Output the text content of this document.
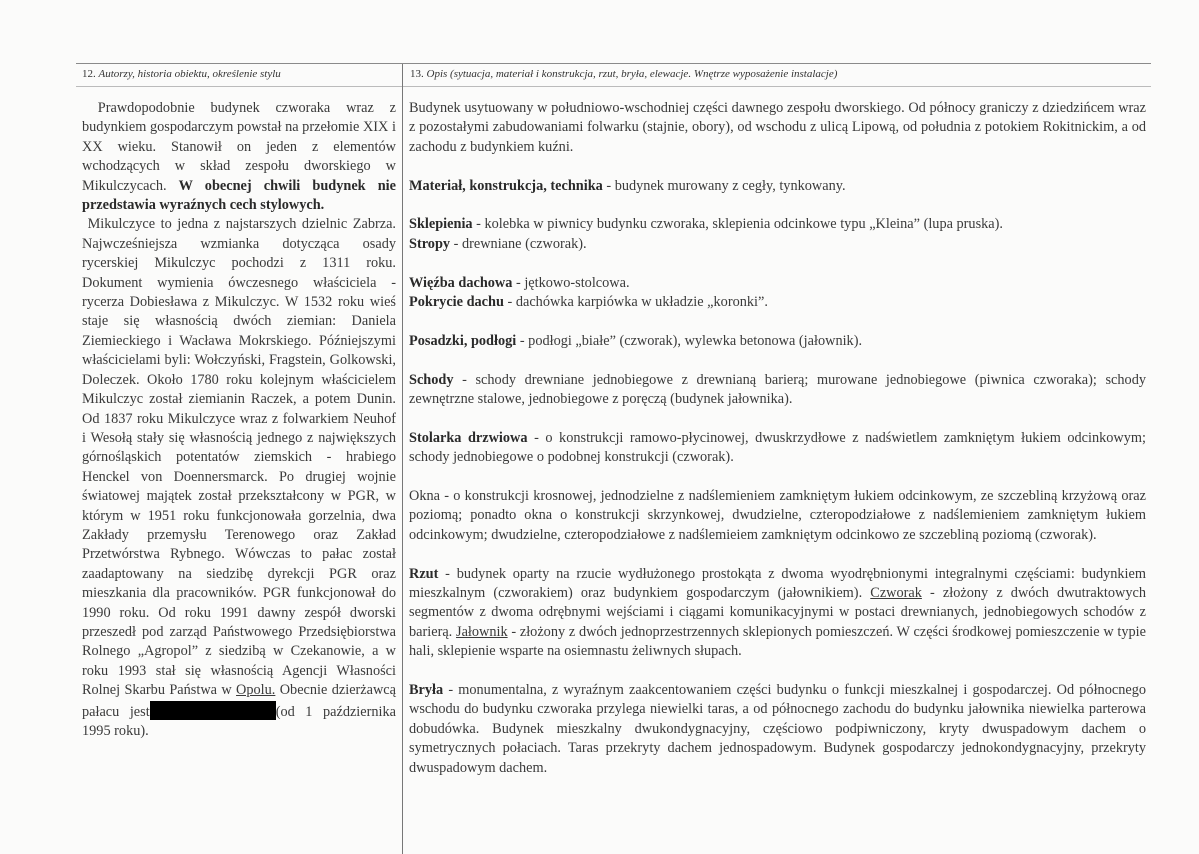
12. Autorzy, historia obiektu, określenie stylu

Prawdopodobnie budynek czworaka wraz z budynkiem gospodarczym powstał na przełomie XIX i XX wieku. Stanowił on jeden z elementów wchodzących w skład zespołu dworskiego w Mikulczycach. W obecnej chwili budynek nie przedstawia wyraźnych cech stylowych.

Mikulczyce to jedna z najstarszych dzielnic Zabrza. Najwcześniejsza wzmianka dotycząca osady rycerskiej Mikulczyc pochodzi z 1311 roku. Dokument wymienia ówczesnego właściciela - rycerza Dobiesława z Mikulczyc. W 1532 roku wieś staje się własnością dwóch ziemian: Daniela Ziemieckiego i Wacława Mokrskiego. Późniejszymi właścicielami byli: Wołczyński, Fragstein, Golkowski, Doleczek. Około 1780 roku kolejnym właścicielem Mikulczyc został ziemianin Raczek, a potem Dunin. Od 1837 roku Mikulczyce wraz z folwarkiem Neuhof i Wesołą stały się własnością jednego z największych górnośląskich potentatów ziemskich - hrabiego Henckel von Doennersmarck. Po drugiej wojnie światowej majątek został przekształcony w PGR, w którym w 1951 roku funkcjonowała gorzelnia, dwa Zakłady przemysłu Terenowego oraz Zakład Przetwórstwa Rybnego. Wówczas to pałac został zaadaptowany na siedzibę dyrekcji PGR oraz mieszkania dla pracowników. PGR funkcjonował do 1990 roku. Od roku 1991 dawny zespół dworski przeszedł pod zarząd Państwowego Przedsiębiorstwa Rolnego „Agropol” z siedzibą w Czekanowie, a w roku 1993 stał się własnością Agencji Własności Rolnej Skarbu Państwa w Opolu. Obecnie dzierżawcą pałacu jest	(od 1 października 1995 roku).

13. Opis (sytuacja, materiał i konstrukcja, rzut, bryła, elewacje. Wnętrze wyposażenie instalacje)

Budynek usytuowany w południowo-wschodniej części dawnego zespołu dworskiego. Od północy graniczy z dziedzińcem wraz z pozostałymi zabudowaniami folwarku (stajnie, obory), od wschodu z ulicą Lipową, od południa z potokiem Rokitnickim, a od zachodu z budynkiem kuźni.

Materiał, konstrukcja, technika - budynek murowany z cegły, tynkowany.

Sklepienia - kolebka w piwnicy budynku czworaka, sklepienia odcinkowe typu „Kleina” (lupa pruska).

Stropy - drewniane (czworak).

Więźba dachowa - jętkowo-stolcowa.

Pokrycie dachu - dachówka karpiówka w układzie „koronki”.

Posadzki, podłogi - podłogi „białe” (czworak), wylewka betonowa (jałownik).

Schody - schody drewniane jednobiegowe z drewnianą barierą; murowane jednobiegowe (piwnica czworaka); schody zewnętrzne stalowe, jednobiegowe z poręczą (budynek jałownika).

Stolarka drzwiowa - o konstrukcji ramowo-płycinowej, dwuskrzydłowe z nadświetlem zamkniętym łukiem odcinkowym; schody jednobiegowe o podobnej konstrukcji (czworak).

Okna - o konstrukcji krosnowej, jednodzielne z nadślemieniem zamkniętym łukiem odcinkowym, ze szczebliną krzyżową oraz poziomą; ponadto okna o konstrukcji skrzynkowej, dwudzielne, czteropodziałowe z nadślemieniem zamkniętym łukiem odcinkowym; dwudzielne, czteropodziałowe z nadślemieiem zamkniętym odcinkowo ze szczebliną poziomą (czworak).

Rzut - budynek oparty na rzucie wydłużonego prostokąta z dwoma wyodrębnionymi integralnymi częściami: budynkiem mieszkalnym (czworakiem) oraz budynkiem gospodarczym (jałownikiem). Czworak - złożony z dwóch dwutraktowych segmentów z dwoma odrębnymi wejściami i ciągami komunikacyjnymi w postaci drewnianych, jednobiegowych schodów z barierą. Jałownik - złożony z dwóch jednoprzestrzennych sklepionych pomieszczeń. W części środkowej pomieszczenie w typie hali, sklepienie wsparte na osiemnastu żeliwnych słupach.

Bryła - monumentalna, z wyraźnym zaakcentowaniem części budynku o funkcji mieszkalnej i gospodarczej. Od północnego wschodu do budynku czworaka przylega niewielki taras, a od północnego zachodu do budynku jałownika niewielka parterowa dobudówka. Budynek mieszkalny dwukondygnacyjny, częściowo podpiwniczony, kryty dwuspadowym dachem o symetrycznych połaciach. Taras przekryty dachem jednospadowym. Budynek gospodarczy jednokondygnacyjny, przekryty dwuspadowym dachem.
